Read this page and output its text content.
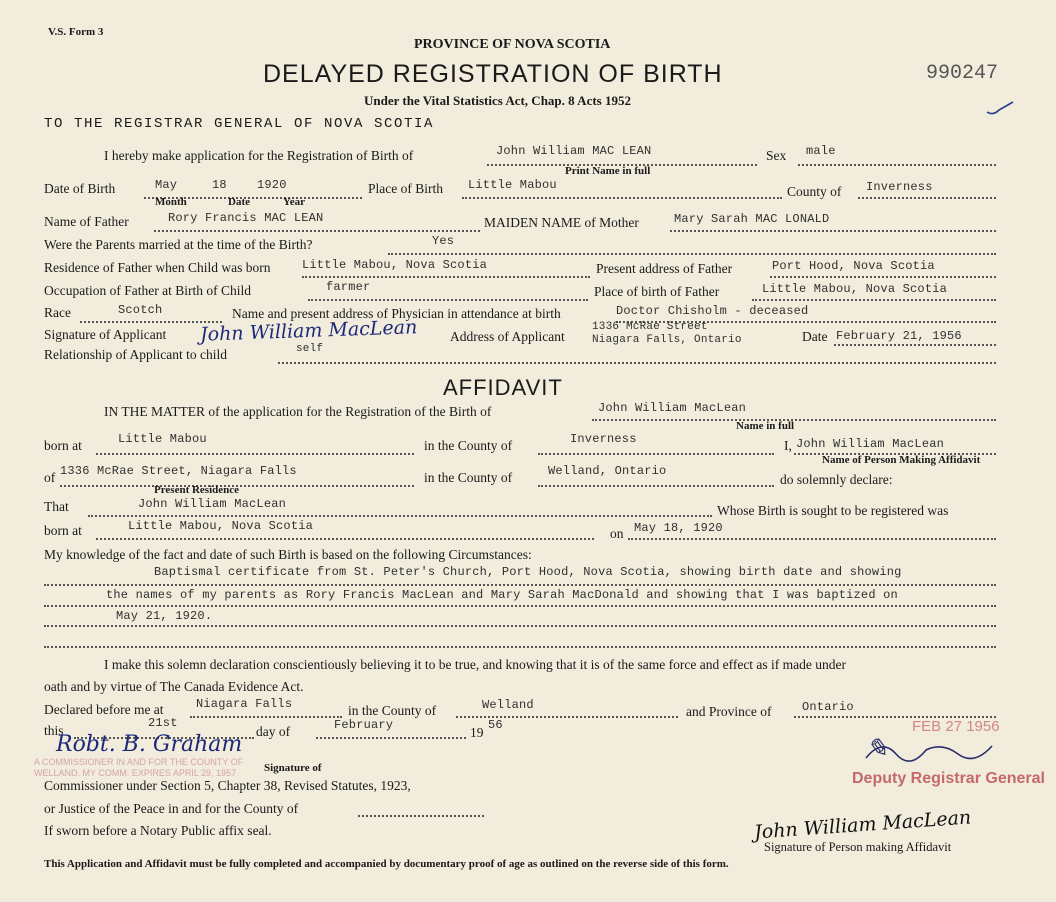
V.S. Form 3
PROVINCE OF NOVA SCOTIA
DELAYED REGISTRATION OF BIRTH	990247
Under the Vital Statistics Act, Chap. 8 Acts 1952
TO THE REGISTRAR GENERAL OF NOVA SCOTIA
I hereby make application for the Registration of Birth of	John William MAC LEAN	Sex male
Print Name in full
Date of Birth	May	18	1920
Month	Date	Year
Place of Birth Little Mabou	County of Inverness
Name of Father	Rory Francis MAC LEAN	MAIDEN NAME of Mother	Mary Sarah MAC LONALD
Were the Parents married at the time of the Birth?	Yes
Residence of Father when Child was born	Little Mabou, Nova Scotia	Present address of Father	Port Hood, Nova Scotia
Occupation of Father at Birth of Child	farmer	Place of birth of Father	Little Mabou, Nova Scotia
Race	Scotch	Name and present address of Physician in attendance at birth	Doctor Chisholm - deceased
Signature of Applicant John William MacLean Address of Applicant
1336 McRae Street
Niagara Falls, Ontario	Date February 21, 1956
Relationship of Applicant to child	self
AFFIDAVIT
IN THE MATTER of the application for the Registration of the Birth of	John William MacLean
Name in full
born at	Little Mabou	in the County of	Inverness	I, John William MacLean
Name of Person Making Affidavit
of 1336 McRae Street, Niagara Falls	in the County of	Welland, Ontario
do solemnly declare:
Present Residence
That	John William MacLean	Whose Birth is sought to be registered was
born at	Little Mabou, Nova Scotia	on May 18, 1920
My knowledge of the fact and date of such Birth is based on the following Circumstances:
Baptismal certificate from St. Peter's Church, Port Hood, Nova Scotia, showing birth date and showing
the names of my parents as Rory Francis MacLean and Mary Sarah MacDonald and showing that I was baptized on
May 21, 1920.
I make this solemn declaration conscientiously believing it to be true, and knowing that it is of the same force and effect as if made under
oath and by virtue of The Canada Evidence Act.
Declared before me at	Niagara Falls	in the County of	Welland	and Province of	Ontario
this	21st
day of	February	19 56
Robt. B. Graham
A COMMISSIONER IN AND FOR THE COUNTY OF
WELLAND. MY COMM. EXPIRES APRIL 29, 1957	Signature of
Commissioner under Section 5, Chapter 38, Revised Statutes, 1923,
or Justice of the Peace in and for the County of
If sworn before a Notary Public affix seal.
FEB 27 1956
✎
Deputy Registrar General
John William MacLean
Signature of Person making Affidavit
This Application and Affidavit must be fully completed and accompanied by documentary proof of age as outlined on the reverse side of this form.
